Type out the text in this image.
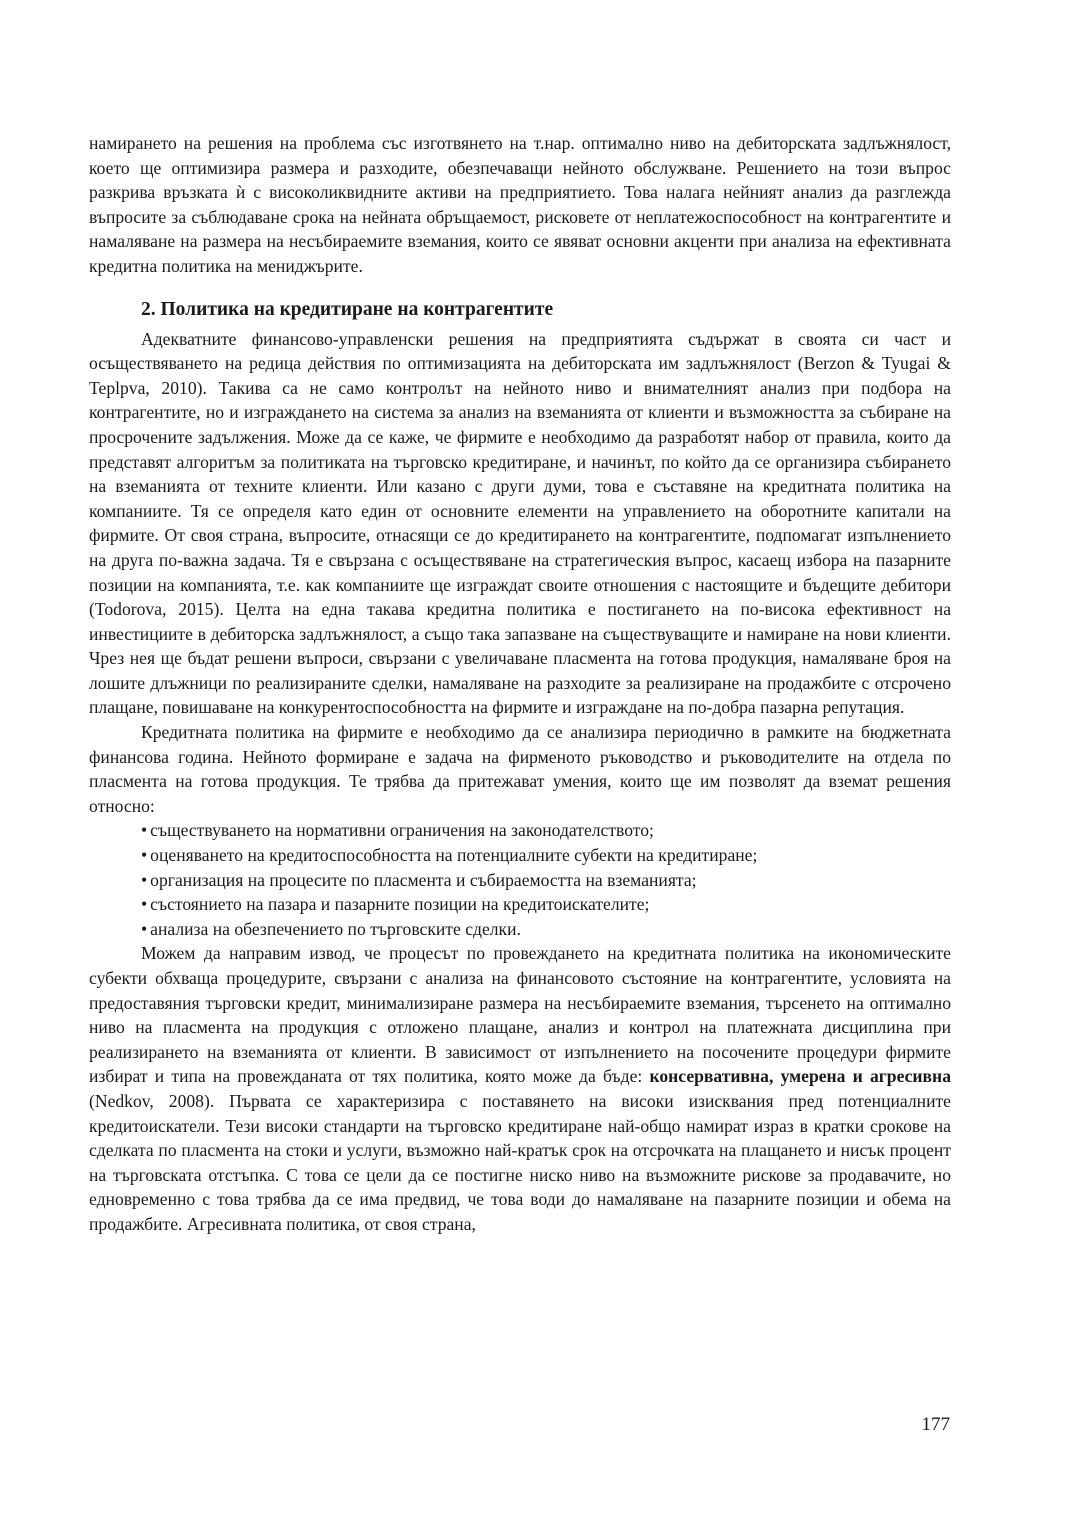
намирането на решения на проблема със изготвянето на т.нар. оптимално ниво на дебиторската задлъжнялост, което ще оптимизира размера и разходите, обезпечаващи нейното обслужване. Решението на този въпрос разкрива връзката ѝ с високоликвидните активи на предприятието. Това налага нейният анализ да разглежда въпросите за съблюдаване срока на нейната обръщаемост, рисковете от неплатежоспособност на контрагентите и намаляване на размера на несъбираемите вземания, които се явяват основни акценти при анализа на ефективната кредитна политика на мениджърите.

2. Политика на кредитиране на контрагентите

Адекватните финансово-управленски решения на предприятията съдържат в своята си част и осъществяването на редица действия по оптимизацията на дебиторската им задлъжнялост (Berzon & Tyugai & Teplpva, 2010). Такива са не само контролът на нейното ниво и внимателният анализ при подбора на контрагентите, но и изграждането на система за анализ на вземанията от клиенти и възможността за събиране на просрочените задължения. Може да се каже, че фирмите е необходимо да разработят набор от правила, които да представят алгоритъм за политиката на търговско кредитиране, и начинът, по който да се организира събирането на вземанията от техните клиенти. Или казано с други думи, това е съставяне на кредитната политика на компаниите. Тя се определя като един от основните елементи на управлението на оборотните капитали на фирмите. От своя страна, въпросите, отнасящи се до кредитирането на контрагентите, подпомагат изпълнението на друга по-важна задача. Тя е свързана с осъществяване на стратегическия въпрос, касаещ избора на пазарните позиции на компанията, т.е. как компаниите ще изграждат своите отношения с настоящите и бъдещите дебитори (Todorova, 2015). Целта на една такава кредитна политика е постигането на по-висока ефективност на инвестициите в дебиторска задлъжнялост, а също така запазване на съществуващите и намиране на нови клиенти. Чрез нея ще бъдат решени въпроси, свързани с увеличаване пласмента на готова продукция, намаляване броя на лошите длъжници по реализираните сделки, намаляване на разходите за реализиране на продажбите с отсрочено плащане, повишаване на конкурентоспособността на фирмите и изграждане на по-добра пазарна репутация.

Кредитната политика на фирмите е необходимо да се анализира периодично в рамките на бюджетната финансова година. Нейното формиране е задача на фирменото ръководство и ръководителите на отдела по пласмента на готова продукция. Те трябва да притежават умения, които ще им позволят да вземат решения относно:

• съществуването на нормативни ограничения на законодателството;
• оценяването на кредитоспособността на потенциалните субекти на кредитиране;
• организация на процесите по пласмента и събираемостта на вземанията;
• състоянието на пазара и пазарните позиции на кредитоискателите;
• анализа на обезпечението по търговските сделки.

Можем да направим извод, че процесът по провеждането на кредитната политика на икономическите субекти обхваща процедурите, свързани с анализа на финансовото състояние на контрагентите, условията на предоставяния търговски кредит, минимализиране размера на несъбираемите вземания, търсенето на оптимално ниво на пласмента на продукция с отложено плащане, анализ и контрол на платежната дисциплина при реализирането на вземанията от клиенти. В зависимост от изпълнението на посочените процедури фирмите избират и типа на провежданата от тях политика, която може да бъде: консервативна, умерена и агресивна (Nedkov, 2008). Първата се характеризира с поставянето на високи изисквания пред потенциалните кредитоискатели. Тези високи стандарти на търговско кредитиране най-общо намират израз в кратки срокове на сделката по пласмента на стоки и услуги, възможно най-кратък срок на отсрочката на плащането и нисък процент на търговската отстъпка. С това се цели да се постигне ниско ниво на възможните рискове за продавачите, но едновременно с това трябва да се има предвид, че това води до намаляване на пазарните позиции и обема на продажбите. Агресивната политика, от своя страна,

177
